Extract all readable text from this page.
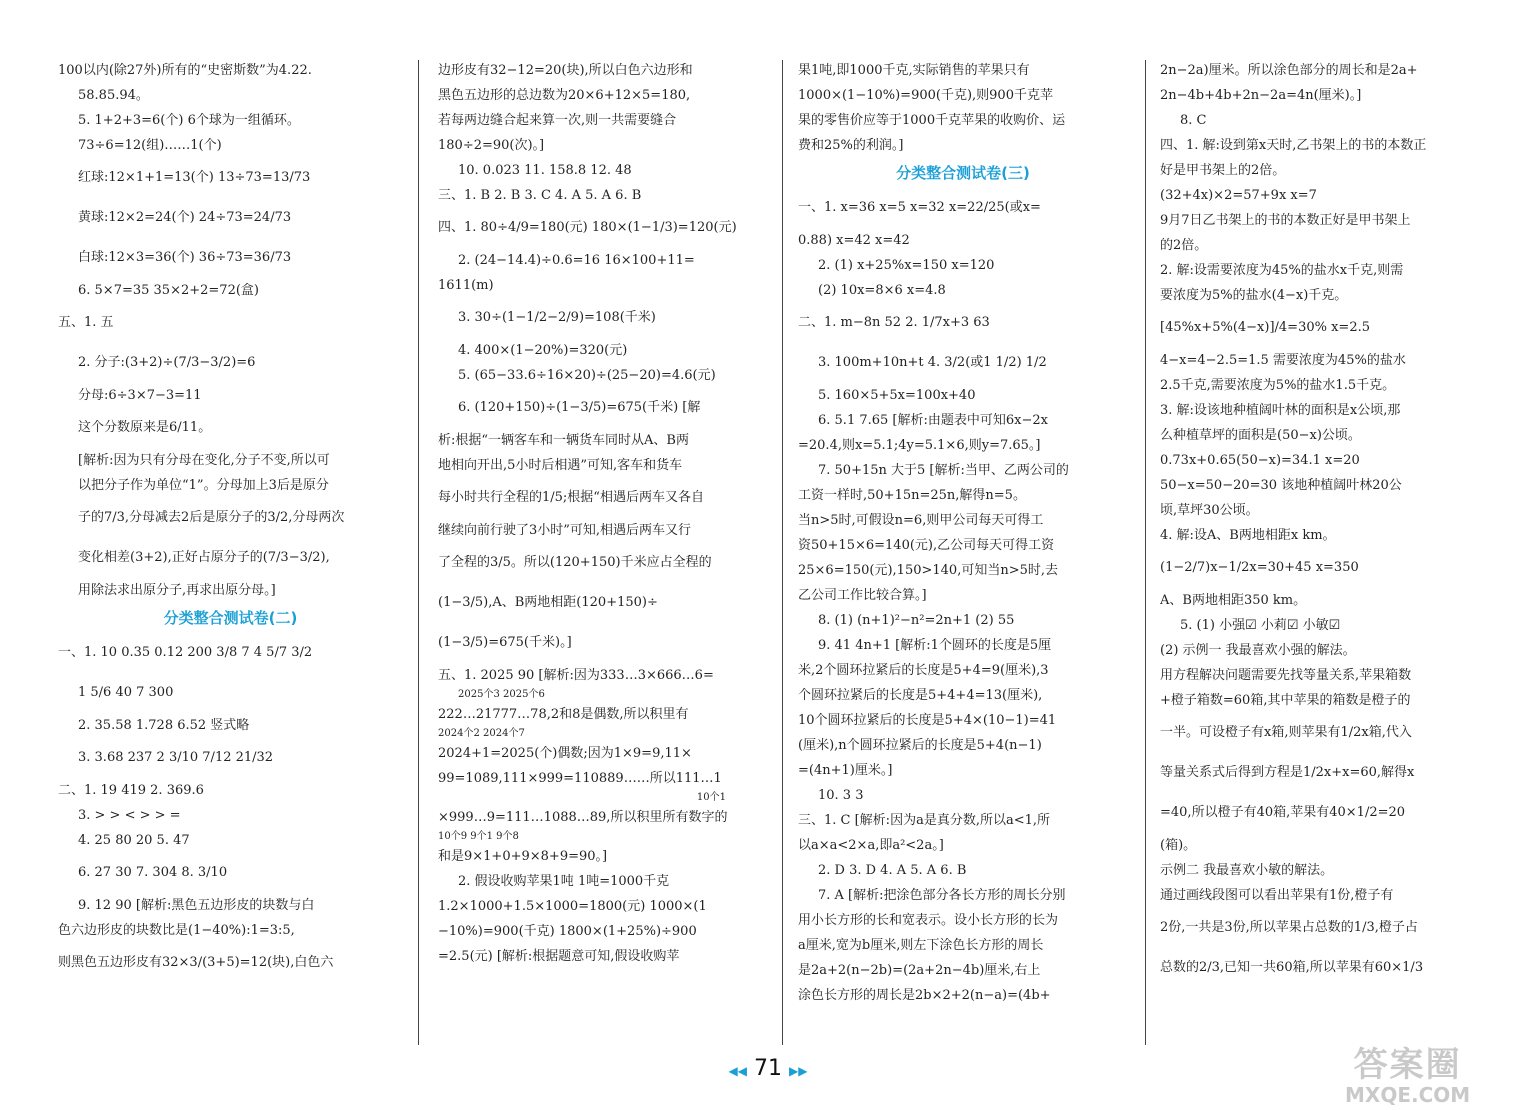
100以内(除27外)所有的“史密斯数”为4.22.
58.85.94。
5. 1+2+3=6(个) 6个球为一组循环。
73÷6=12(组)……1(个)
红球:12×1+1=13(个) 13÷73=13/73
黄球:12×2=24(个) 24÷73=24/73
白球:12×3=36(个) 36÷73=36/73
6. 5×7=35 35×2+2=72(盒)
五、1. 五
2. 分子:(3+2)÷(7/3−3/2)=6
分母:6÷3×7−3=11
这个分数原来是6/11。
[解析:因为只有分母在变化,分子不变,所以可
以把分子作为单位“1”。分母加上3后是原分
子的7/3,分母减去2后是原分子的3/2,分母两次
变化相差(3+2),正好占原分子的(7/3−3/2),
用除法求出原分子,再求出原分母。]
分类整合测试卷(二)
一、1. 10 0.35 0.12 200 3/8 7 4 5/7 3/2
1 5/6 40 7 300
2. 35.58 1.728 6.52 竖式略
3. 3.68 237 2 3/10 7/12 21/32
二、1. 19 419 2. 369.6
3. > > < > > =
4. 25 80 20 5. 47
6. 27 30 7. 304 8. 3/10
9. 12 90 [解析:黑色五边形皮的块数与白
色六边形皮的块数比是(1−40%):1=3:5,
则黑色五边形皮有32×3/(3+5)=12(块),白色六
边形皮有32−12=20(块),所以白色六边形和
黑色五边形的总边数为20×6+12×5=180,
若每两边缝合起来算一次,则一共需要缝合
180÷2=90(次)。]
10. 0.023 11. 158.8 12. 48
三、1. B 2. B 3. C 4. A 5. A 6. B
四、1. 80÷4/9=180(元) 180×(1−1/3)=120(元)
2. (24−14.4)÷0.6=16 16×100+11=
1611(m)
3. 30÷(1−1/2−2/9)=108(千米)
4. 400×(1−20%)=320(元)
5. (65−33.6÷16×20)÷(25−20)=4.6(元)
6. (120+150)÷(1−3/5)=675(千米) [解
析:根据“一辆客车和一辆货车同时从A、B两
地相向开出,5小时后相遇”可知,客车和货车
每小时共行全程的1/5;根据“相遇后两车又各自
继续向前行驶了3小时”可知,相遇后两车又行
了全程的3/5。所以(120+150)千米应占全程的
(1−3/5),A、B两地相距(120+150)÷
(1−3/5)=675(千米)。]
五、1. 2025 90 [解析:因为333…3×666…6=
2025个3 2025个6
222…21777…78,2和8是偶数,所以积里有
2024个2 2024个7
2024+1=2025(个)偶数;因为1×9=9,11×
99=1089,111×999=110889……所以111…1
10个1
×999…9=111…1088…89,所以积里所有数字的
10个9 9个1 9个8
和是9×1+0+9×8+9=90。]
2. 假设收购苹果1吨 1吨=1000千克
1.2×1000+1.5×1000=1800(元) 1000×(1
−10%)=900(千克) 1800×(1+25%)÷900
=2.5(元) [解析:根据题意可知,假设收购苹
果1吨,即1000千克,实际销售的苹果只有
1000×(1−10%)=900(千克),则900千克苹
果的零售价应等于1000千克苹果的收购价、运
费和25%的利润。]
分类整合测试卷(三)
一、1. x=36 x=5 x=32 x=22/25(或x=
0.88) x=42 x=42
2. (1) x+25%x=150 x=120
(2) 10x=8×6 x=4.8
二、1. m−8n 52 2. 1/7x+3 63
3. 100m+10n+t 4. 3/2(或1 1/2) 1/2
5. 160×5+5x=100x+40
6. 5.1 7.65 [解析:由题表中可知6x−2x
=20.4,则x=5.1;4y=5.1×6,则y=7.65。]
7. 50+15n 大于5 [解析:当甲、乙两公司的
工资一样时,50+15n=25n,解得n=5。
当n>5时,可假设n=6,则甲公司每天可得工
资50+15×6=140(元),乙公司每天可得工资
25×6=150(元),150>140,可知当n>5时,去
乙公司工作比较合算。]
8. (1) (n+1)²−n²=2n+1 (2) 55
9. 41 4n+1 [解析:1个圆环的长度是5厘
米,2个圆环拉紧后的长度是5+4=9(厘米),3
个圆环拉紧后的长度是5+4+4=13(厘米),
10个圆环拉紧后的长度是5+4×(10−1)=41
(厘米),n个圆环拉紧后的长度是5+4(n−1)
=(4n+1)厘米。]
10. 3 3
三、1. C [解析:因为a是真分数,所以a<1,所
以a×a<2×a,即a²<2a。]
2. D 3. D 4. A 5. A 6. B
7. A [解析:把涂色部分各长方形的周长分别
用小长方形的长和宽表示。设小长方形的长为
a厘米,宽为b厘米,则左下涂色长方形的周长
是2a+2(n−2b)=(2a+2n−4b)厘米,右上
涂色长方形的周长是2b×2+2(n−a)=(4b+
2n−2a)厘米。所以涂色部分的周长和是2a+
2n−4b+4b+2n−2a=4n(厘米)。]
8. C
四、1. 解:设到第x天时,乙书架上的书的本数正
好是甲书架上的2倍。
(32+4x)×2=57+9x x=7
9月7日乙书架上的书的本数正好是甲书架上
的2倍。
2. 解:设需要浓度为45%的盐水x千克,则需
要浓度为5%的盐水(4−x)千克。
[45%x+5%(4−x)]/4=30% x=2.5
4−x=4−2.5=1.5 需要浓度为45%的盐水
2.5千克,需要浓度为5%的盐水1.5千克。
3. 解:设该地种植阔叶林的面积是x公顷,那
么种植草坪的面积是(50−x)公顷。
0.73x+0.65(50−x)=34.1 x=20
50−x=50−20=30 该地种植阔叶林20公
顷,草坪30公顷。
4. 解:设A、B两地相距x km。
(1−2/7)x−1/2x=30+45 x=350
A、B两地相距350 km。
5. (1) 小强☑ 小莉☑ 小敏☑
(2) 示例一 我最喜欢小强的解法。
用方程解决问题需要先找等量关系,苹果箱数
+橙子箱数=60箱,其中苹果的箱数是橙子的
一半。可设橙子有x箱,则苹果有1/2x箱,代入
等量关系式后得到方程是1/2x+x=60,解得x
=40,所以橙子有40箱,苹果有40×1/2=20
(箱)。
示例二 我最喜欢小敏的解法。
通过画线段图可以看出苹果有1份,橙子有
2份,一共是3份,所以苹果占总数的1/3,橙子占
总数的2/3,已知一共60箱,所以苹果有60×1/3
◀◀ 71 ▶▶	答案圈
MXQE.COM
